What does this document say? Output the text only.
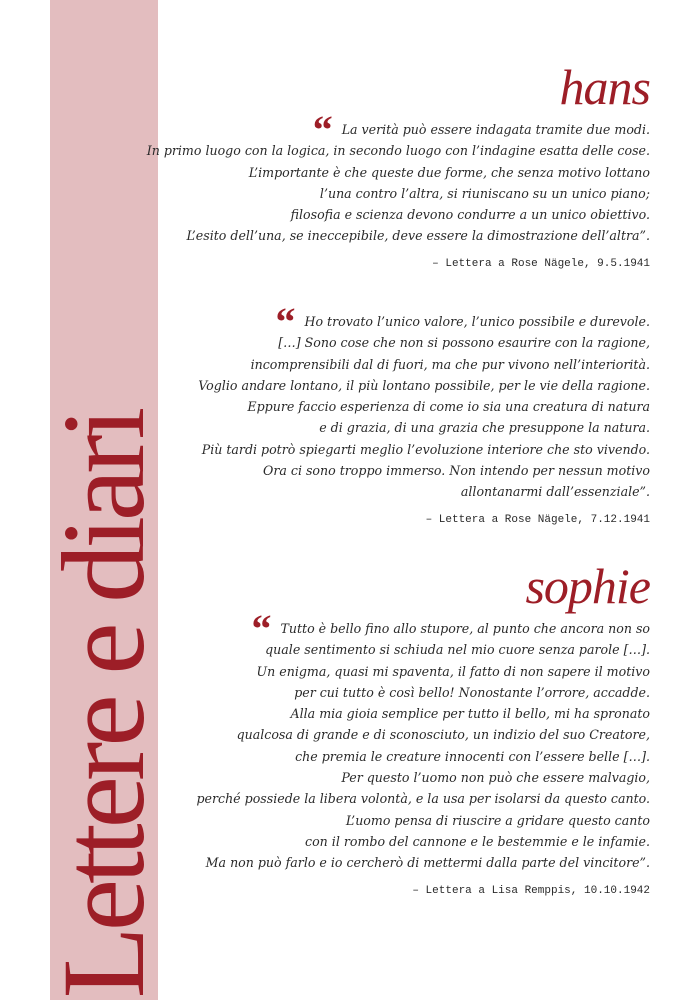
Lettere e diari
hans
“ La verità può essere indagata tramite due modi.
In primo luogo con la logica, in secondo luogo con l’indagine esatta delle cose.
L’importante è che queste due forme, che senza motivo lottano
l’una contro l’altra, si riuniscano su un unico piano;
filosofia e scienza devono condurre a un unico obiettivo.
L’esito dell’una, se ineccepibile, deve essere la dimostrazione dell’altra”.
– Lettera a Rose Nägele, 9.5.1941
“ Ho trovato l’unico valore, l’unico possibile e durevole.
[…] Sono cose che non si possono esaurire con la ragione,
incomprensibili dal di fuori, ma che pur vivono nell’interiorità.
Voglio andare lontano, il più lontano possibile, per le vie della ragione.
Eppure faccio esperienza di come io sia una creatura di natura
e di grazia, di una grazia che presuppone la natura.
Più tardi potrò spiegarti meglio l’evoluzione interiore che sto vivendo.
Ora ci sono troppo immerso. Non intendo per nessun motivo
allontanarmi dall’essenziale”.
– Lettera a Rose Nägele, 7.12.1941
sophie
“ Tutto è bello fino allo stupore, al punto che ancora non so
quale sentimento si schiuda nel mio cuore senza parole […].
Un enigma, quasi mi spaventa, il fatto di non sapere il motivo
per cui tutto è così bello! Nonostante l’orrore, accadde.
Alla mia gioia semplice per tutto il bello, mi ha spronato
qualcosa di grande e di sconosciuto, un indizio del suo Creatore,
che premia le creature innocenti con l’essere belle […].
Per questo l’uomo non può che essere malvagio,
perché possiede la libera volontà, e la usa per isolarsi da questo canto.
L’uomo pensa di riuscire a gridare questo canto
con il rombo del cannone e le bestemmie e le infamie.
Ma non può farlo e io cercherò di mettermi dalla parte del vincitore”.
– Lettera a Lisa Remppis, 10.10.1942
